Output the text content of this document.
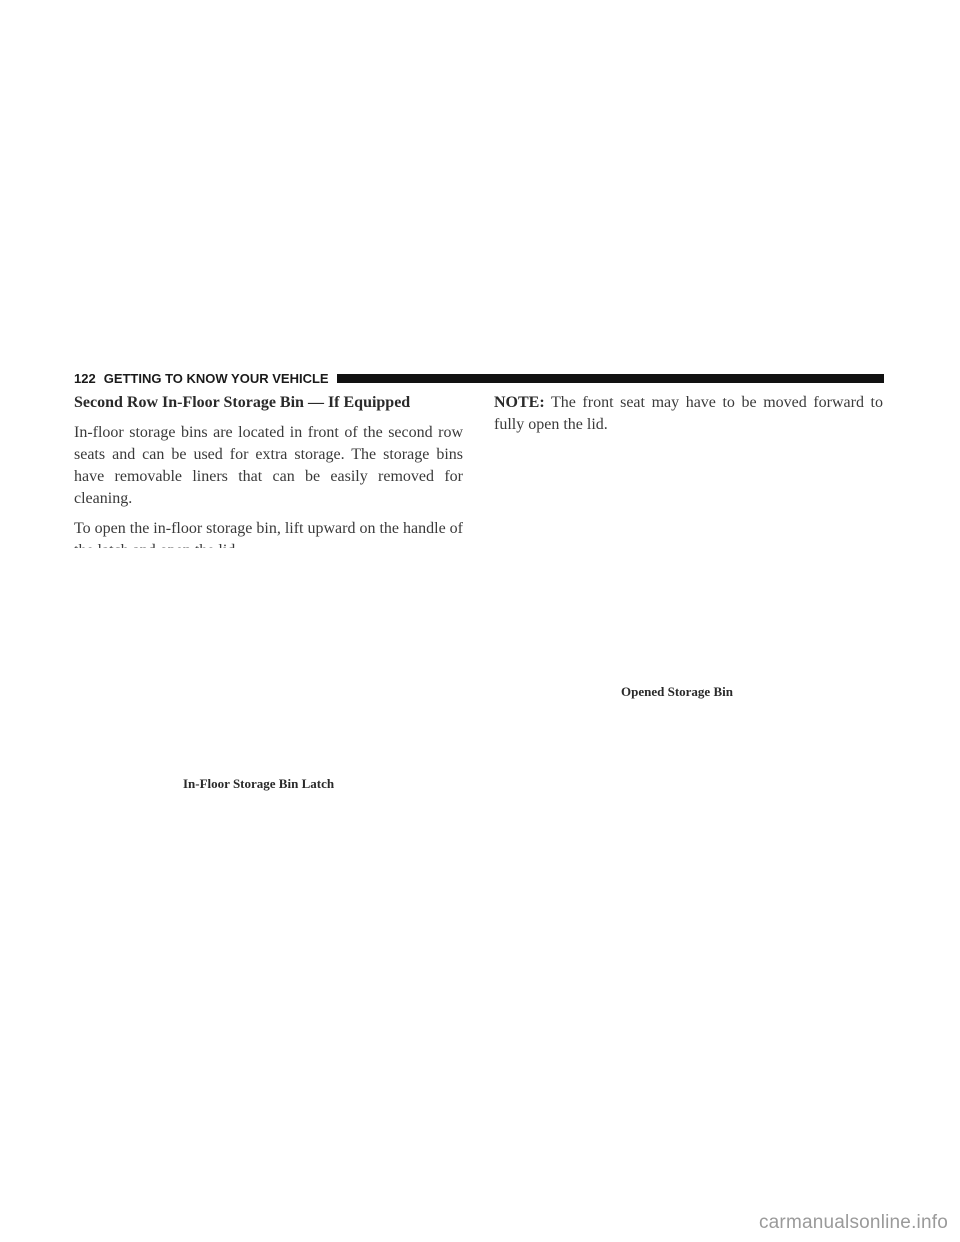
122 GETTING TO KNOW YOUR VEHICLE
Second Row In-Floor Storage Bin — If Equipped

In-floor storage bins are located in front of the second row seats and can be used for extra storage. The storage bins have removable liners that can be easily removed for cleaning.

To open the in-floor storage bin, lift upward on the handle of

NOTE: The front seat may have to be moved forward to fully open the lid.

In-Floor Storage Bin Latch
Opened Storage Bin
carmanualsonline.info
